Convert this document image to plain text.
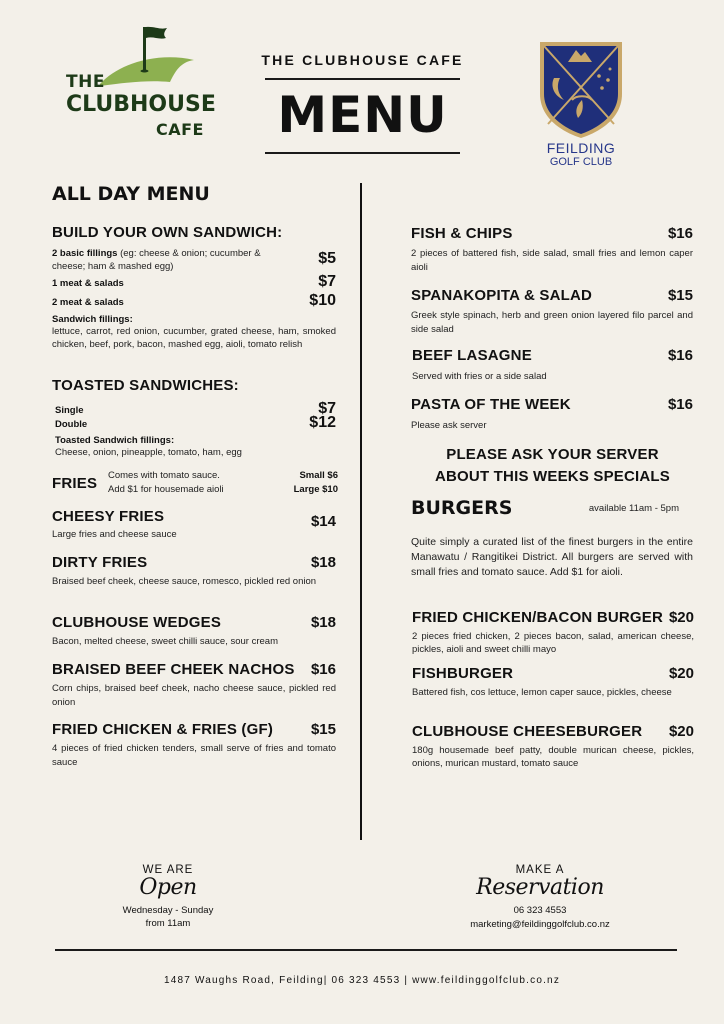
THE
CLUBHOUSE
CAFE
THE CLUBHOUSE CAFE
MENU
FEILDING
GOLF CLUB
ALL DAY MENU
BUILD YOUR OWN SANDWICH:
2 basic fillings (eg: cheese & onion; cucumber & cheese; ham & mashed egg)	$5
1 meat & salads	$7
2 meat & salads	$10
Sandwich fillings:
lettuce, carrot, red onion, cucumber, grated cheese, ham, smoked chicken, beef, pork, bacon, mashed egg, aioli, tomato relish
TOASTED SANDWICHES:
Single	$7
Double	$12
Toasted Sandwich fillings:
Cheese, onion, pineapple, tomato, ham, egg
FRIES	Comes with tomato sauce.
Add $1 for housemade aioli
Small $6
Large $10
CHEESY FRIES	$14
Large fries and cheese sauce
DIRTY FRIES	$18
Braised beef cheek, cheese sauce, romesco, pickled red onion
CLUBHOUSE WEDGES	$18
Bacon, melted cheese, sweet chilli sauce, sour cream
BRAISED BEEF CHEEK NACHOS $16
Corn chips, braised beef cheek, nacho cheese sauce, pickled red onion
FRIED CHICKEN & FRIES (GF)	$15
4 pieces of fried chicken tenders, small serve of fries and tomato sauce
FISH & CHIPS	$16
2 pieces of battered fish, side salad, small fries and lemon caper aioli
SPANAKOPITA & SALAD	$15
Greek style spinach, herb and green onion layered filo parcel and side salad
BEEF LASAGNE	$16
Served with fries or a side salad
PASTA OF THE WEEK	$16
Please ask server
PLEASE ASK YOUR SERVER
ABOUT THIS WEEKS SPECIALS
BURGERS	available 11am - 5pm
Quite simply a curated list of the finest burgers in the entire Manawatu / Rangitikei District. All burgers are served with small fries and tomato sauce. Add $1 for aioli.
FRIED CHICKEN/BACON BURGER $20
2 pieces fried chicken, 2 pieces bacon, salad, american cheese, pickles, aioli and sweet chilli mayo
FISHBURGER	$20
Battered fish, cos lettuce, lemon caper sauce, pickles, cheese
CLUBHOUSE CHEESEBURGER $20
180g housemade beef patty, double murican cheese, pickles, onions, murican mustard, tomato sauce
WE ARE
Open
Wednesday - Sunday
from 11am
MAKE A
Reservation
06 323 4553
marketing@feildinggolfclub.co.nz
1487 Waughs Road, Feilding| 06 323 4553 | www.feildinggolfclub.co.nz
